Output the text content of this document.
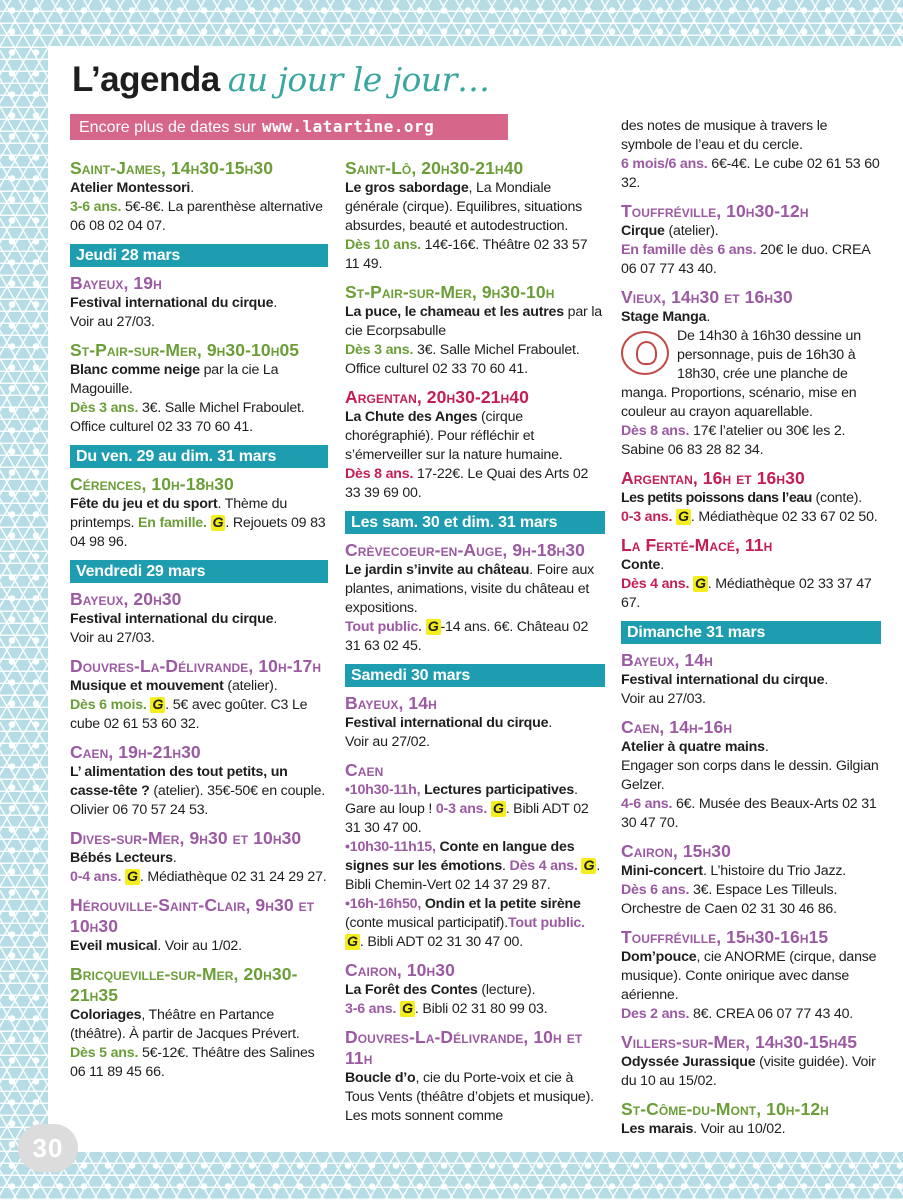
L’agenda au jour le jour…
Encore plus de dates sur www.latartine.org
Saint-James, 14h30-15h30
Atelier Montessori.
3-6 ans. 5€-8€. La parenthèse alternative 06 08 02 04 07.
Jeudi 28 mars
Bayeux, 19h
Festival international du cirque.
Voir au 27/03.
St-Pair-sur-Mer, 9h30-10h05
Blanc comme neige par la cie La Magouille.
Dès 3 ans. 3€. Salle Michel Fraboulet. Office culturel 02 33 70 60 41.
Du ven. 29 au dim. 31 mars
Cérences, 10h-18h30
Fête du jeu et du sport. Thème du printemps. En famille. G . Rejouets 09 83 04 98 96.
Vendredi 29 mars
Bayeux, 20h30
Festival international du cirque.
Voir au 27/03.
Douvres-La-Délivrande, 10h-17h
Musique et mouvement (atelier).
Dès 6 mois. G . 5€ avec goûter. C3 Le cube 02 61 53 60 32.
Caen, 19h-21h30
L’ alimentation des tout petits, un casse-tête ? (atelier). 35€-50€ en couple. Olivier 06 70 57 24 53.
Dives-sur-Mer, 9h30 et 10h30
Bébés Lecteurs.
0-4 ans. G . Médiathèque 02 31 24 29 27.
Hérouville-Saint-Clair, 9h30 et 10h30
Eveil musical. Voir au 1/02.
Bricqueville-sur-Mer, 20h30-21h35
Coloriages, Théâtre en Partance (théâtre). À partir de Jacques Prévert.
Dès 5 ans. 5€-12€. Théâtre des Salines 06 11 89 45 66.
Saint-Lô, 20h30-21h40
Le gros sabordage, La Mondiale générale (cirque). Equilibres, situations absurdes, beauté et autodestruction.
Dès 10 ans. 14€-16€. Théâtre 02 33 57 11 49.
St-Pair-sur-Mer, 9h30-10h
La puce, le chameau et les autres par la cie Ecorpsabulle
Dès 3 ans. 3€. Salle Michel Fraboulet. Office culturel 02 33 70 60 41.
Argentan, 20h30-21h40
La Chute des Anges (cirque chorégraphié). Pour réfléchir et s’émerveiller sur la nature humaine.
Dès 8 ans. 17-22€. Le Quai des Arts 02 33 39 69 00.
Les sam. 30 et dim. 31 mars
Crèvecoeur-en-Auge, 9h-18h30
Le jardin s’invite au château. Foire aux plantes, animations, visite du château et expositions.
Tout public. G -14 ans. 6€. Château 02 31 63 02 45.
Samedi 30 mars
Bayeux, 14h
Festival international du cirque.
Voir au 27/02.
Caen
•10h30-11h, Lectures participatives. Gare au loup ! 0-3 ans. G . Bibli ADT 02 31 30 47 00.
•10h30-11h15, Conte en langue des signes sur les émotions. Dès 4 ans. G . Bibli Chemin-Vert 02 14 37 29 87.
•16h-16h50, Ondin et la petite sirène (conte musical participatif).Tout public. G . Bibli ADT 02 31 30 47 00.
Cairon, 10h30
La Forêt des Contes (lecture).
3-6 ans. G . Bibli 02 31 80 99 03.
Douvres-La-Délivrande, 10h et 11h
Boucle d’o, cie du Porte-voix et cie à Tous Vents (théâtre d’objets et musique). Les mots sonnent comme
des notes de musique à travers le symbole de l’eau et du cercle.
6 mois/6 ans. 6€-4€. Le cube 02 61 53 60 32.
Touffréville, 10h30-12h
Cirque (atelier).
En famille dès 6 ans. 20€ le duo. CREA 06 07 77 43 40.
Vieux, 14h30 et 16h30
Stage Manga.
De 14h30 à 16h30 dessine un personnage, puis de 16h30 à 18h30, crée une planche de manga. Proportions, scénario, mise en couleur au crayon aquarellable.
Dès 8 ans. 17€ l’atelier ou 30€ les 2. Sabine 06 83 28 82 34.
Argentan, 16h et 16h30
Les petits poissons dans l’eau (conte).
0-3 ans. G . Médiathèque 02 33 67 02 50.
La Ferté-Macé, 11h
Conte.
Dès 4 ans. G . Médiathèque 02 33 37 47 67.
Dimanche 31 mars
Bayeux, 14h
Festival international du cirque.
Voir au 27/03.
Caen, 14h-16h
Atelier à quatre mains.
Engager son corps dans le dessin. Gilgian Gelzer.
4-6 ans. 6€. Musée des Beaux-Arts 02 31 30 47 70.
Cairon, 15h30
Mini-concert. L’histoire du Trio Jazz.
Dès 6 ans. 3€. Espace Les Tilleuls. Orchestre de Caen 02 31 30 46 86.
Touffréville, 15h30-16h15
Dom’pouce, cie ANORME (cirque, danse musique). Conte onirique avec danse aérienne.
Des 2 ans. 8€. CREA 06 07 77 43 40.
Villers-sur-Mer, 14h30-15h45
Odyssée Jurassique (visite guidée). Voir du 10 au 15/02.
St-Côme-du-Mont, 10h-12h
Les marais. Voir au 10/02.
30
